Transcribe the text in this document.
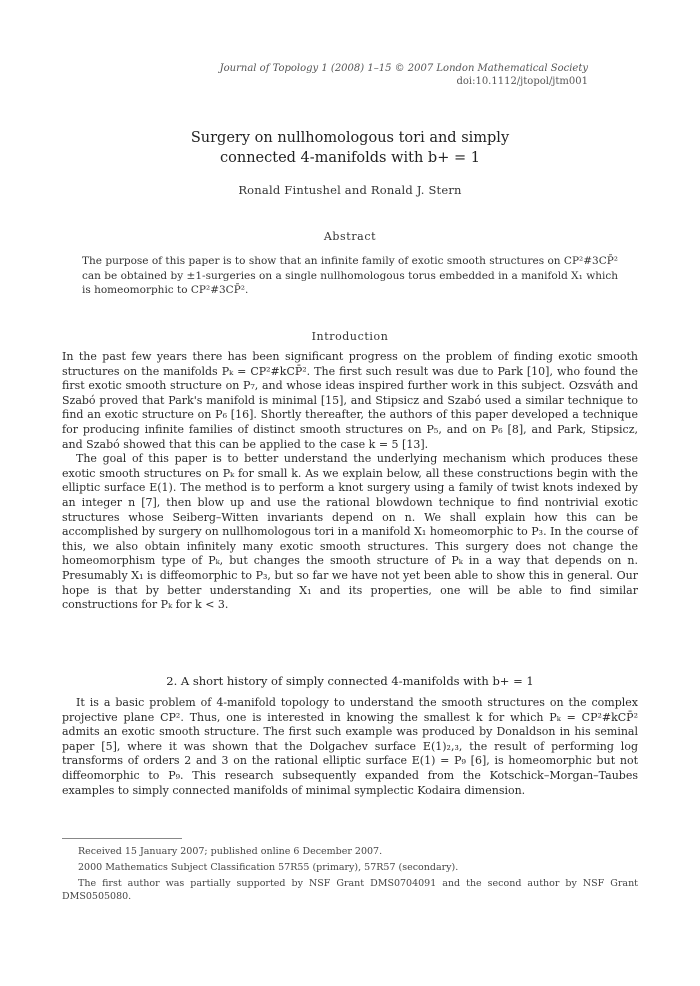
Journal of Topology 1 (2008) 1–15 © 2007 London Mathematical Society
doi:10.1112/jtopol/jtm001
Surgery on nullhomologous tori and simply
connected 4-manifolds with b+ = 1
Ronald Fintushel and Ronald J. Stern
Abstract
The purpose of this paper is to show that an infinite family of exotic smooth structures on CP²#3CP̄² can be obtained by ±1-surgeries on a single nullhomologous torus embedded in a manifold X₁ which is homeomorphic to CP²#3CP̄².
Introduction

In the past few years there has been significant progress on the problem of finding exotic smooth structures on the manifolds Pₖ = CP²#kCP̄². The first such result was due to Park [10], who found the first exotic smooth structure on P₇, and whose ideas inspired further work in this subject. Ozsváth and Szabó proved that Park's manifold is minimal [15], and Stipsicz and Szabó used a similar technique to find an exotic structure on P₆ [16]. Shortly thereafter, the authors of this paper developed a technique for producing infinite families of distinct smooth structures on P₅, and on P₆ [8], and Park, Stipsicz, and Szabó showed that this can be applied to the case k = 5 [13].

The goal of this paper is to better understand the underlying mechanism which produces these exotic smooth structures on Pₖ for small k. As we explain below, all these constructions begin with the elliptic surface E(1). The method is to perform a knot surgery using a family of twist knots indexed by an integer n [7], then blow up and use the rational blowdown technique to find nontrivial exotic structures whose Seiberg–Witten invariants depend on n. We shall explain how this can be accomplished by surgery on nullhomologous tori in a manifold X₁ homeomorphic to P₃. In the course of this, we also obtain infinitely many exotic smooth structures. This surgery does not change the homeomorphism type of Pₖ, but changes the smooth structure of Pₖ in a way that depends on n. Presumably X₁ is diffeomorphic to P₃, but so far we have not yet been able to show this in general. Our hope is that by better understanding X₁ and its properties, one will be able to find similar constructions for Pₖ for k < 3.

2. A short history of simply connected 4-manifolds with b+ = 1

It is a basic problem of 4-manifold topology to understand the smooth structures on the complex projective plane CP². Thus, one is interested in knowing the smallest k for which Pₖ = CP²#kCP̄² admits an exotic smooth structure. The first such example was produced by Donaldson in his seminal paper [5], where it was shown that the Dolgachev surface E(1)₂,₃, the result of performing log transforms of orders 2 and 3 on the rational elliptic surface E(1) = P₉ [6], is homeomorphic but not diffeomorphic to P₉. This research subsequently expanded from the Kotschick–Morgan–Taubes examples to simply connected manifolds of minimal symplectic Kodaira dimension.

Received 15 January 2007; published online 6 December 2007.
2000 Mathematics Subject Classification 57R55 (primary), 57R57 (secondary).
The first author was partially supported by NSF Grant DMS0704091 and the second author by NSF Grant DMS0505080.
